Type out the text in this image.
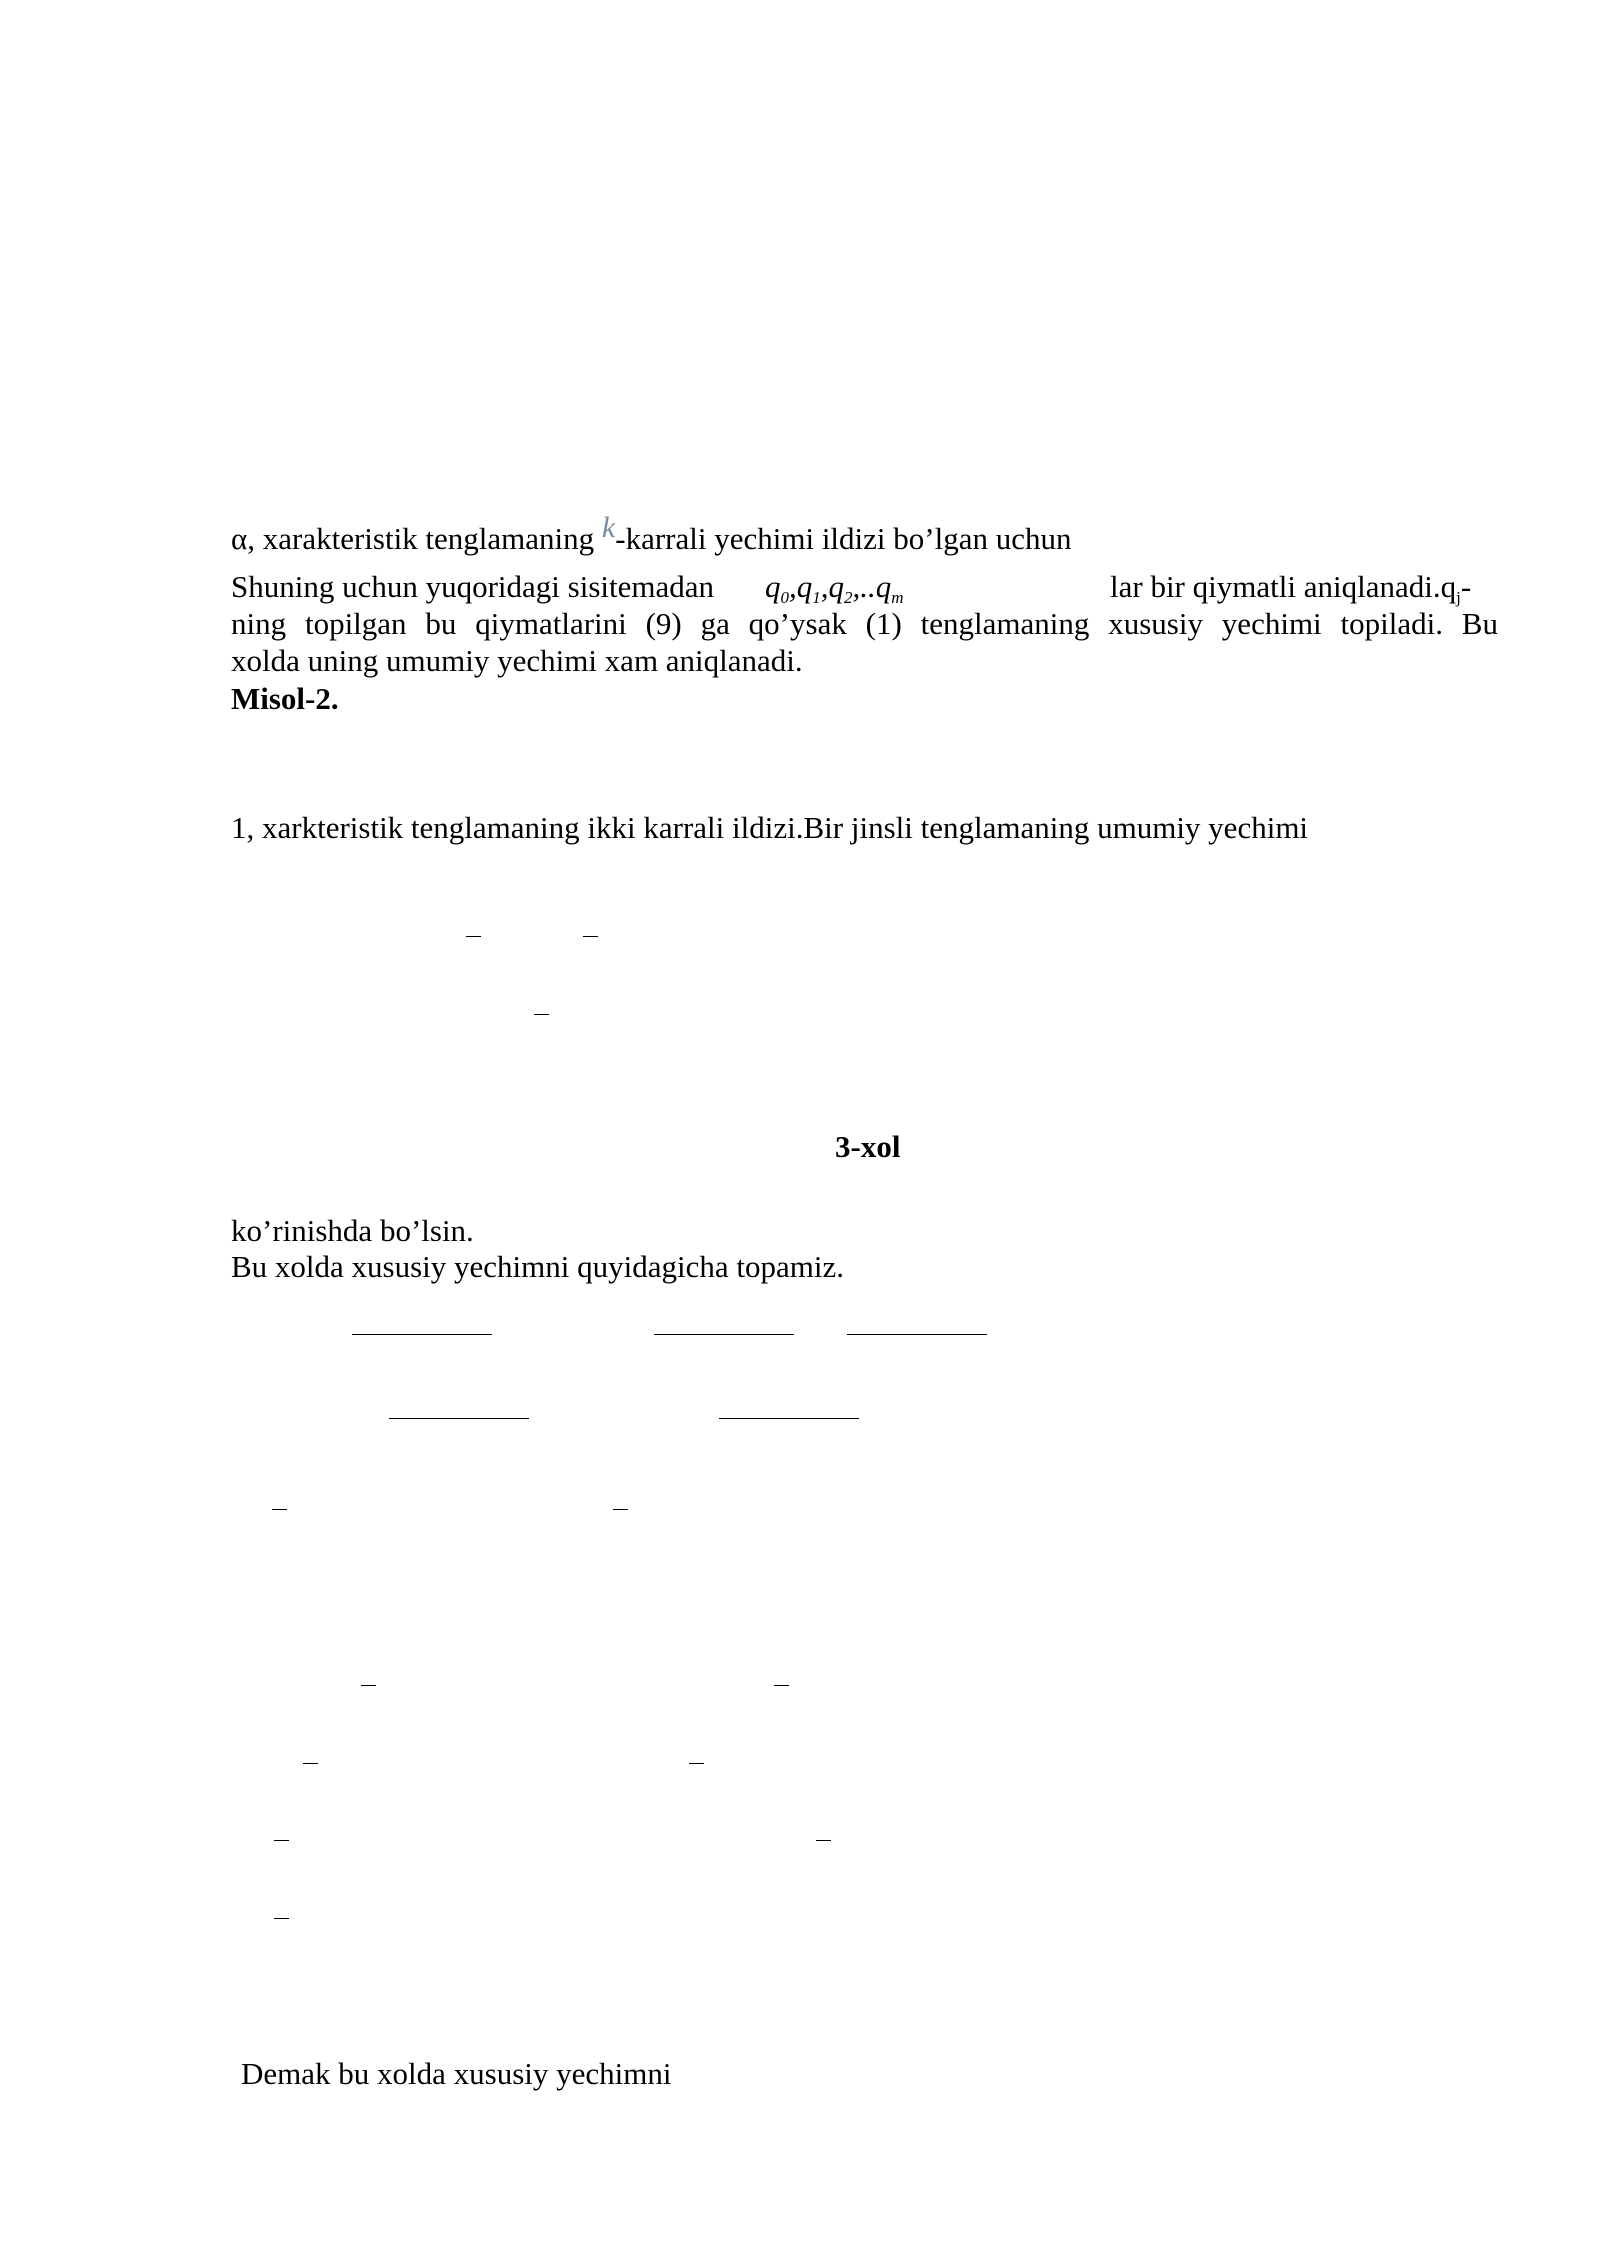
α, xarakteristik tenglamaning k-karrali yechimi ildizi bo’lgan uchun
Shuning uchun yuqoridagi sisitemadan q0,q1,q2,..qm	lar bir qiymatli aniqlanadi.qj-
ning topilgan bu qiymatlarini (9) ga qo’ysak (1) tenglamaning xususiy yechimi topiladi. Bu
xolda uning umumiy yechimi xam aniqlanadi.
Misol-2.
1, xarkteristik tenglamaning ikki karrali ildizi.Bir jinsli tenglamaning umumiy yechimi
3-xol
ko’rinishda bo’lsin.
Bu xolda xususiy yechimni quyidagicha topamiz.
Demak bu xolda xususiy yechimni
